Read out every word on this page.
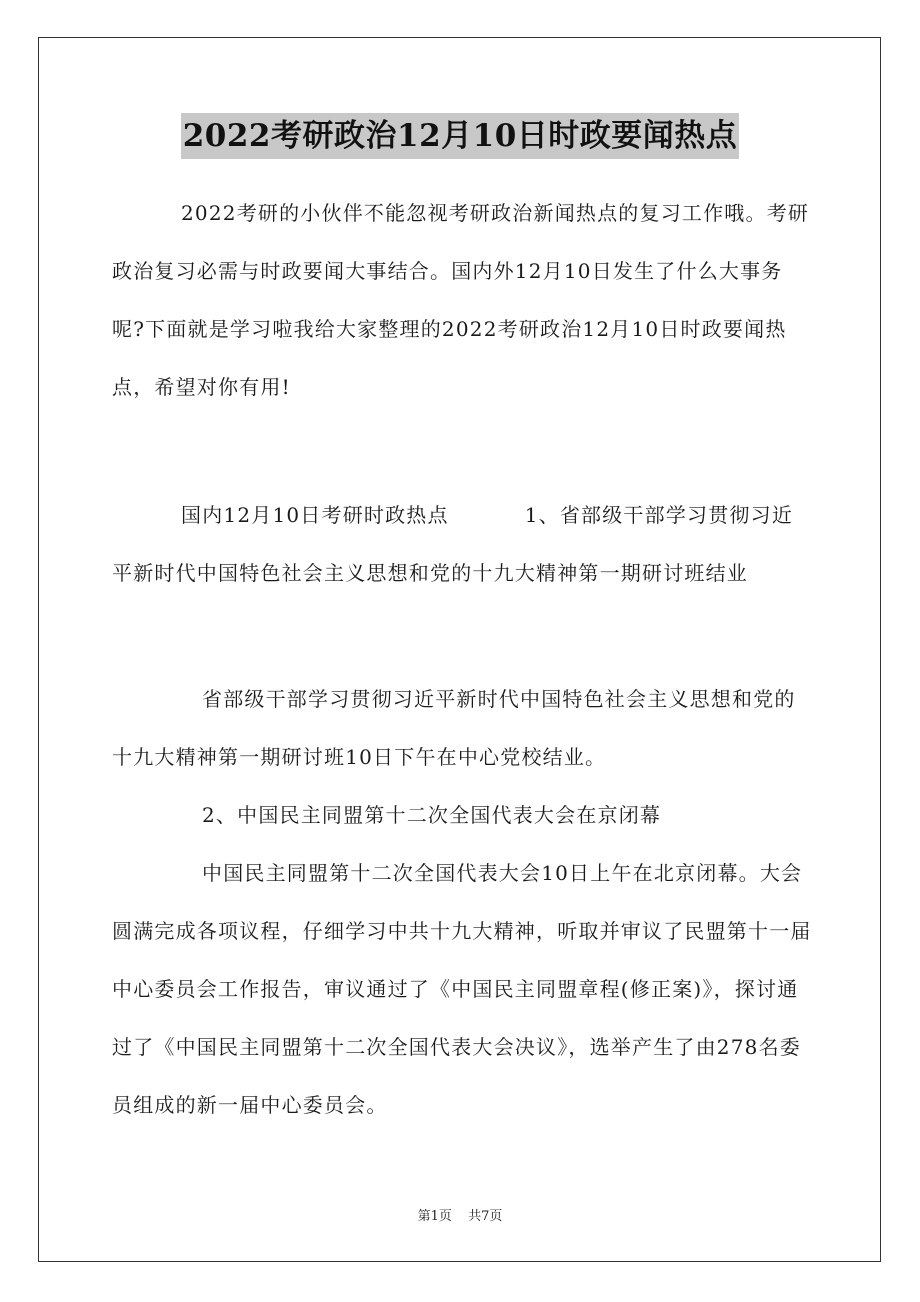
2022考研政治12月10日时政要闻热点

2022考研的小伙伴不能忽视考研政治新闻热点的复习工作哦。考研政治复习必需与时政要闻大事结合。国内外12月10日发生了什么大事务呢?下面就是学习啦我给大家整理的2022考研政治12月10日时政要闻热点，希望对你有用!

国内12月10日考研时政热点	1、省部级干部学习贯彻习近平新时代中国特色社会主义思想和党的十九大精神第一期研讨班结业

省部级干部学习贯彻习近平新时代中国特色社会主义思想和党的十九大精神第一期研讨班10日下午在中心党校结业。

2、中国民主同盟第十二次全国代表大会在京闭幕

中国民主同盟第十二次全国代表大会10日上午在北京闭幕。大会圆满完成各项议程，仔细学习中共十九大精神，听取并审议了民盟第十一届中心委员会工作报告，审议通过了《中国民主同盟章程(修正案)》，探讨通过了《中国民主同盟第十二次全国代表大会决议》，选举产生了由278名委员组成的新一届中心委员会。

第1页 共7页
